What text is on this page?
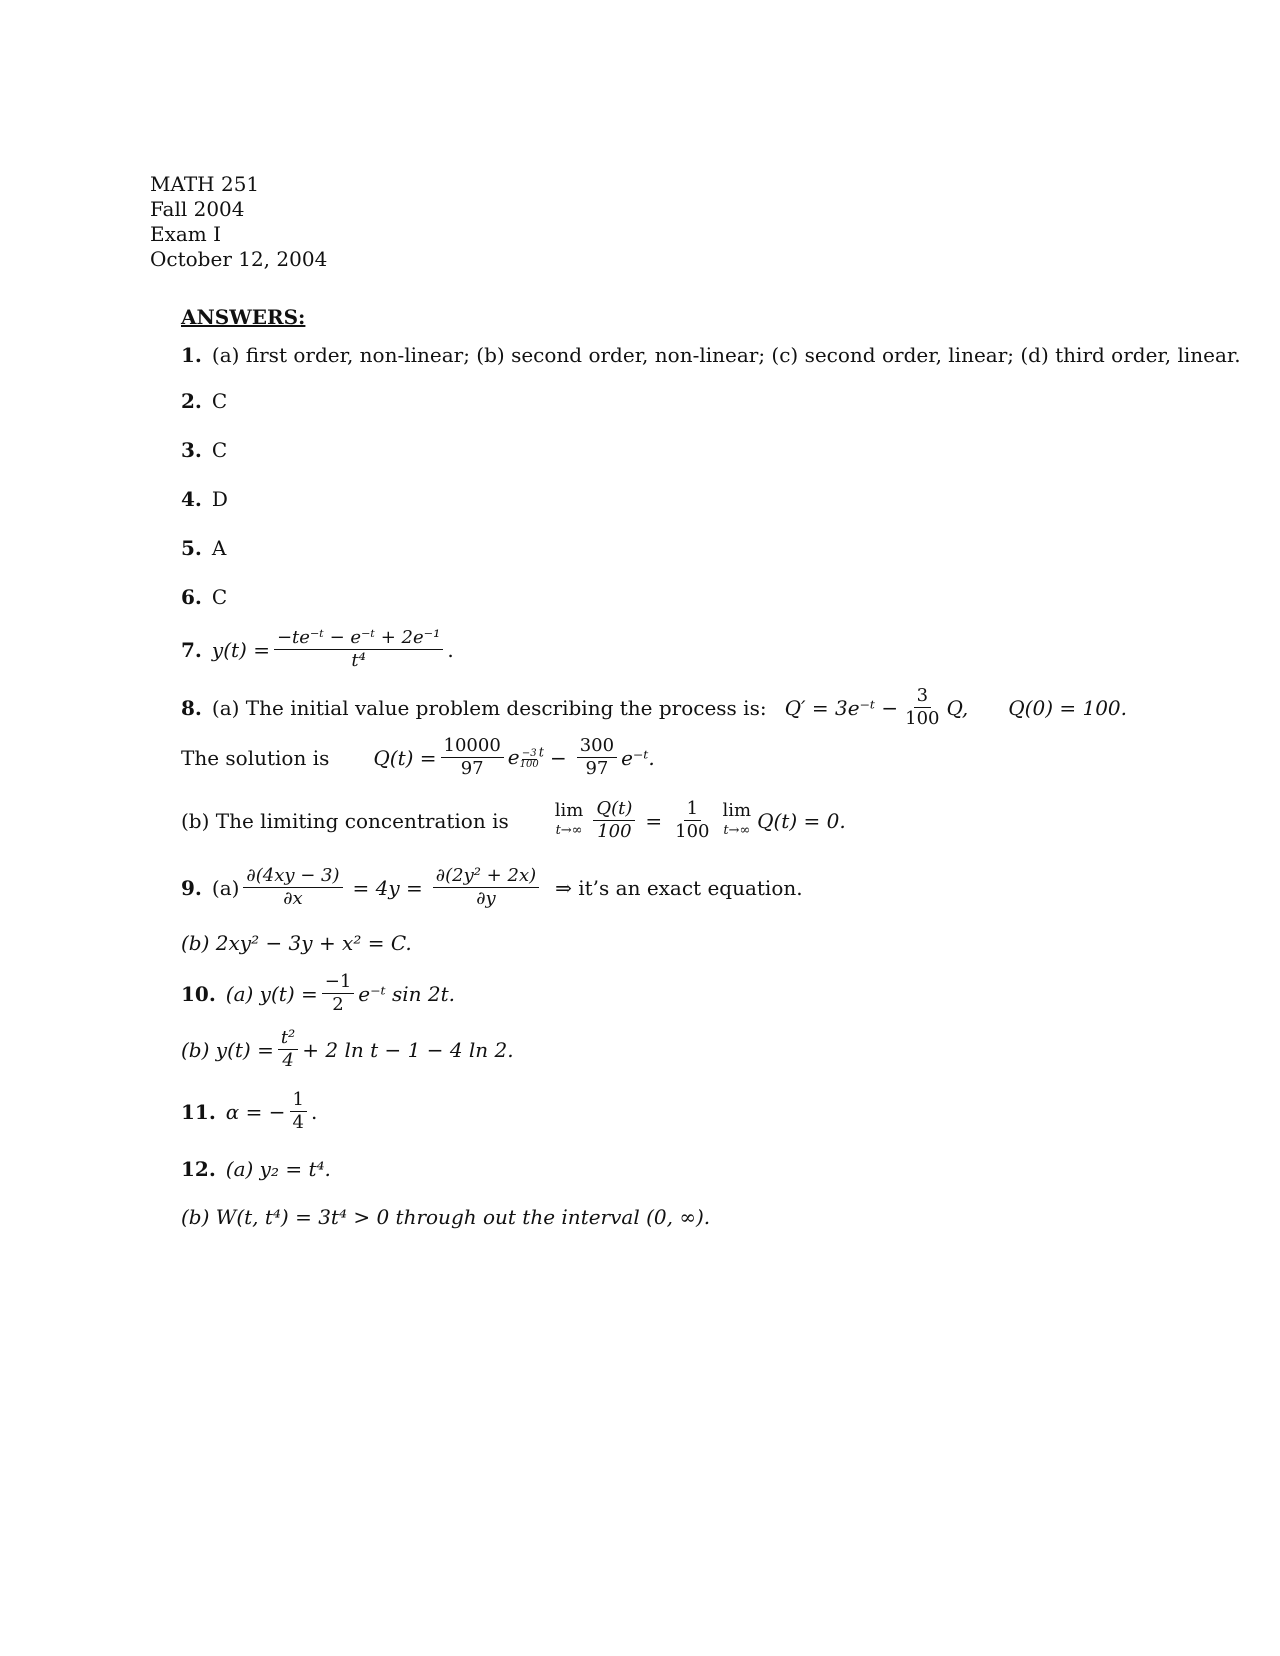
MATH 251
Fall 2004
Exam I
October 12, 2004
ANSWERS:
1. (a) first order, non-linear; (b) second order, non-linear; (c) second order, linear; (d) third order, linear.
2. C
3. C
4. D
5. A
6. C
7. $y(t) = \frac{\text{−te⁻ᵗ − e⁻ᵗ + 2e⁻¹}}{\text{t⁴}}$ .
8. (a) The initial value problem describing the process is: Q′ = 3e⁻ᵗ − $\frac{3}{100} Q$, Q(0) = 100.
The solution is $Q(t) = \frac{10000}{97}$ e $\frac{-3}{100} ^t - \frac{300}{97}$ e⁻ᵗ.
(b) The limiting concentration is	lim
$t\to\infty \frac{Q(t)}{100} = \frac{1}{100}$ lim
t→∞ Q(t) = 0.
9. $(a) \frac{\partial(4xy - 3)}{\partial x} = 4y = \frac{\text{∂(2y² + 2x)}}{\partial y}$ ⇒ it’s an exact equation.
(b) 2xy² − 3y + x² = C.
10. (a) $y(t) = \frac{-1}{2}$ e⁻ᵗ sin 2t.
(b) $y(t) = \frac{\text{t²}}{4} + 2$ ln t − 1 − 4 ln 2.
11. α = − $\frac{1}{4}$ .
12. (a) y₂ = t⁴.
(b) W(t, t⁴) = 3t⁴ > 0 through out the interval (0, ∞).
